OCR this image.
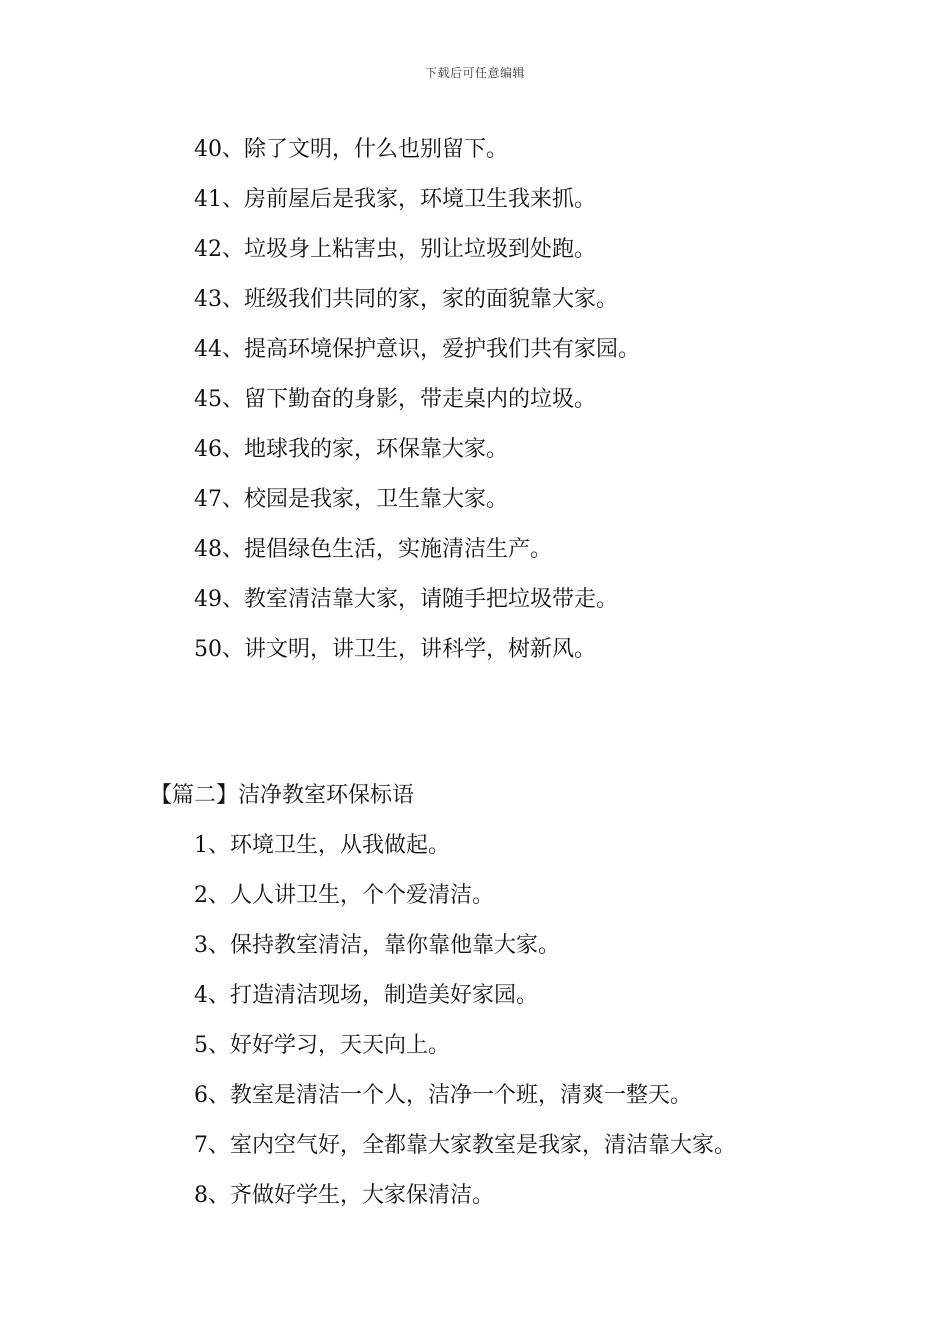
下载后可任意编辑
40、除了文明，什么也别留下。
41、房前屋后是我家，环境卫生我来抓。
42、垃圾身上粘害虫，别让垃圾到处跑。
43、班级我们共同的家，家的面貌靠大家。
44、提高环境保护意识，爱护我们共有家园。
45、留下勤奋的身影，带走桌内的垃圾。
46、地球我的家，环保靠大家。
47、校园是我家，卫生靠大家。
48、提倡绿色生活，实施清洁生产。
49、教室清洁靠大家，请随手把垃圾带走。
50、讲文明，讲卫生，讲科学，树新风。
【篇二】洁净教室环保标语
1、环境卫生，从我做起。
2、人人讲卫生，个个爱清洁。
3、保持教室清洁，靠你靠他靠大家。
4、打造清洁现场，制造美好家园。
5、好好学习，天天向上。
6、教室是清洁一个人，洁净一个班，清爽一整天。
7、室内空气好，全都靠大家教室是我家，清洁靠大家。
8、齐做好学生，大家保清洁。
